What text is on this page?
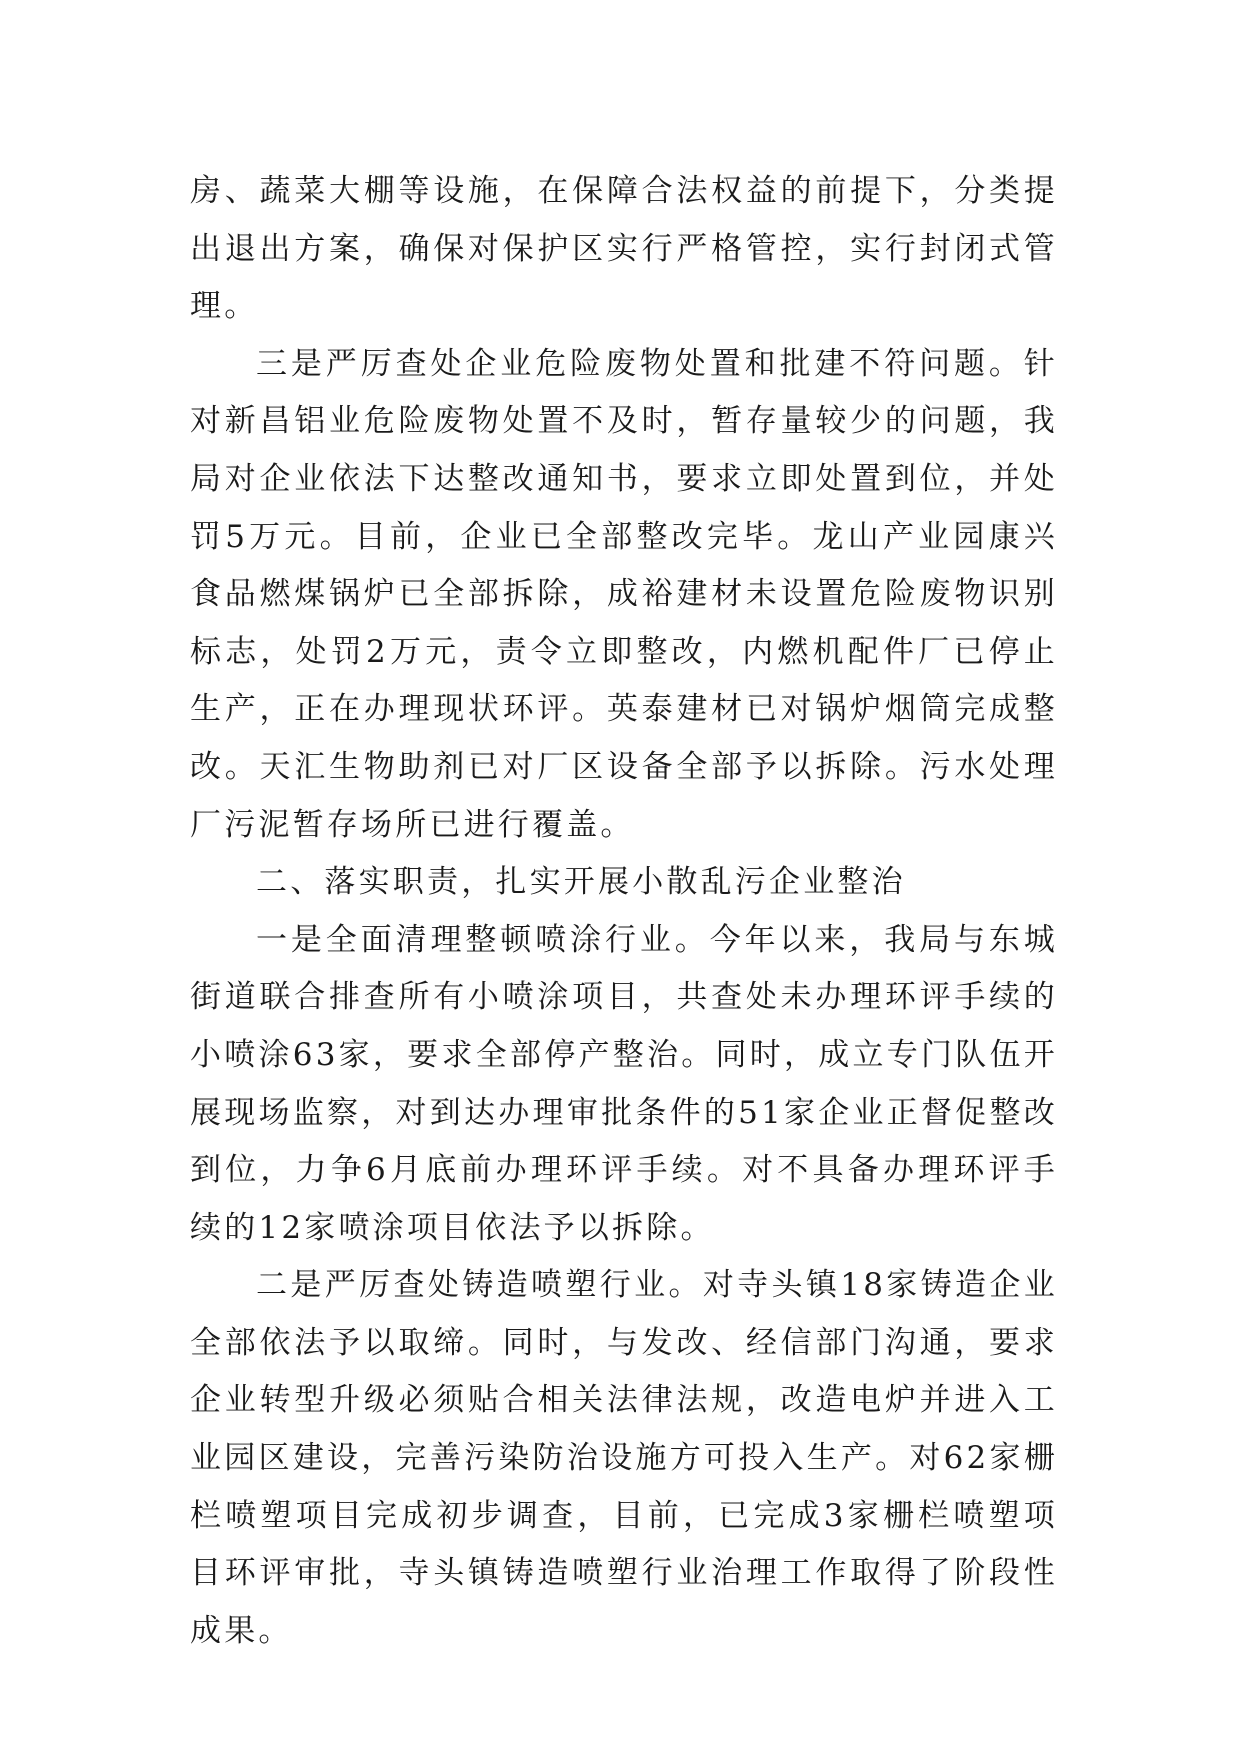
房、蔬菜大棚等设施，在保障合法权益的前提下，分类提出退出方案，确保对保护区实行严格管控，实行封闭式管理。

三是严厉查处企业危险废物处置和批建不符问题。针对新昌铝业危险废物处置不及时，暂存量较少的问题，我局对企业依法下达整改通知书，要求立即处置到位，并处罚5万元。目前，企业已全部整改完毕。龙山产业园康兴食品燃煤锅炉已全部拆除，成裕建材未设置危险废物识别标志，处罚2万元，责令立即整改，内燃机配件厂已停止生产，正在办理现状环评。英泰建材已对锅炉烟筒完成整改。天汇生物助剂已对厂区设备全部予以拆除。污水处理厂污泥暂存场所已进行覆盖。

二、落实职责，扎实开展小散乱污企业整治

一是全面清理整顿喷涂行业。今年以来，我局与东城街道联合排查所有小喷涂项目，共查处未办理环评手续的小喷涂63家，要求全部停产整治。同时，成立专门队伍开展现场监察，对到达办理审批条件的51家企业正督促整改到位，力争6月底前办理环评手续。对不具备办理环评手续的12家喷涂项目依法予以拆除。

二是严厉查处铸造喷塑行业。对寺头镇18家铸造企业全部依法予以取缔。同时，与发改、经信部门沟通，要求企业转型升级必须贴合相关法律法规，改造电炉并进入工业园区建设，完善污染防治设施方可投入生产。对62家栅栏喷塑项目完成初步调查，目前，已完成3家栅栏喷塑项目环评审批，寺头镇铸造喷塑行业治理工作取得了阶段性成果。
